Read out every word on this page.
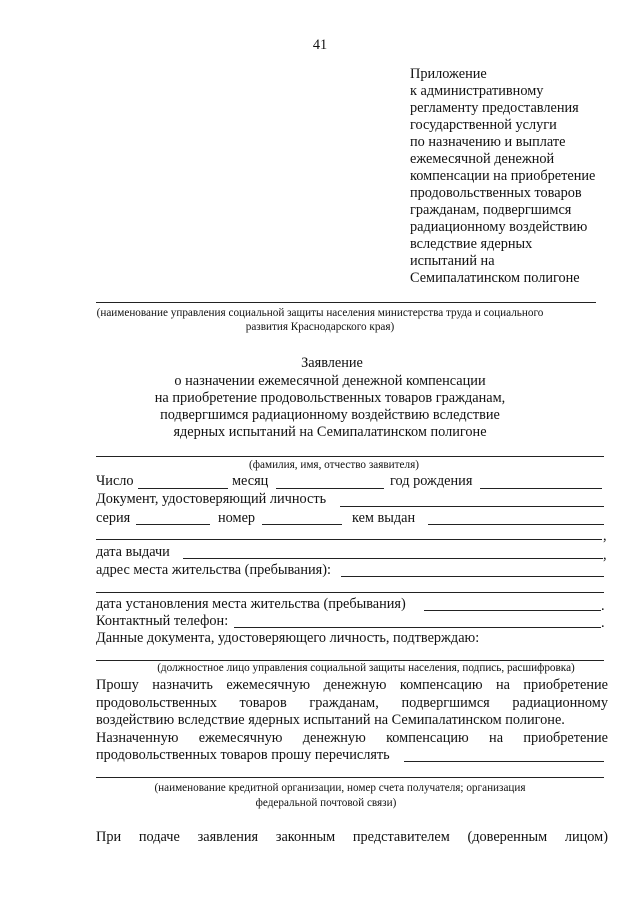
41
Приложение
к административному
регламенту предоставления
государственной услуги
по назначению и выплате
ежемесячной денежной
компенсации на приобретение
продовольственных товаров
гражданам, подвергшимся
радиационному воздействию
вследствие ядерных
испытаний на
Семипалатинском полигоне
(наименование управления социальной защиты населения министерства труда и социального
развития Краснодарского края)
Заявление
о назначении ежемесячной денежной компенсации
на приобретение продовольственных товаров гражданам,
подвергшимся радиационному воздействию вследствие
ядерных испытаний на Семипалатинском полигоне
(фамилия, имя, отчество заявителя)
Число	месяц	год рождения
Документ, удостоверяющий личность
серия	номер	кем выдан
,
дата выдачи	,
адрес места жительства (пребывания):
дата установления места жительства (пребывания)	.
Контактный телефон:	.
Данные документа, удостоверяющего личность, подтверждаю:
(должностное лицо управления социальной защиты населения, подпись, расшифровка)
Прошу назначить ежемесячную денежную компенсацию на приобретение
продовольственных товаров гражданам, подвергшимся радиационному
воздействию вследствие ядерных испытаний на Семипалатинском полигоне.
Назначенную ежемесячную денежную компенсацию на приобретение
продовольственных товаров прошу перечислять
(наименование кредитной организации, номер счета получателя; организация
федеральной почтовой связи)
При подаче заявления законным представителем (доверенным лицом)
